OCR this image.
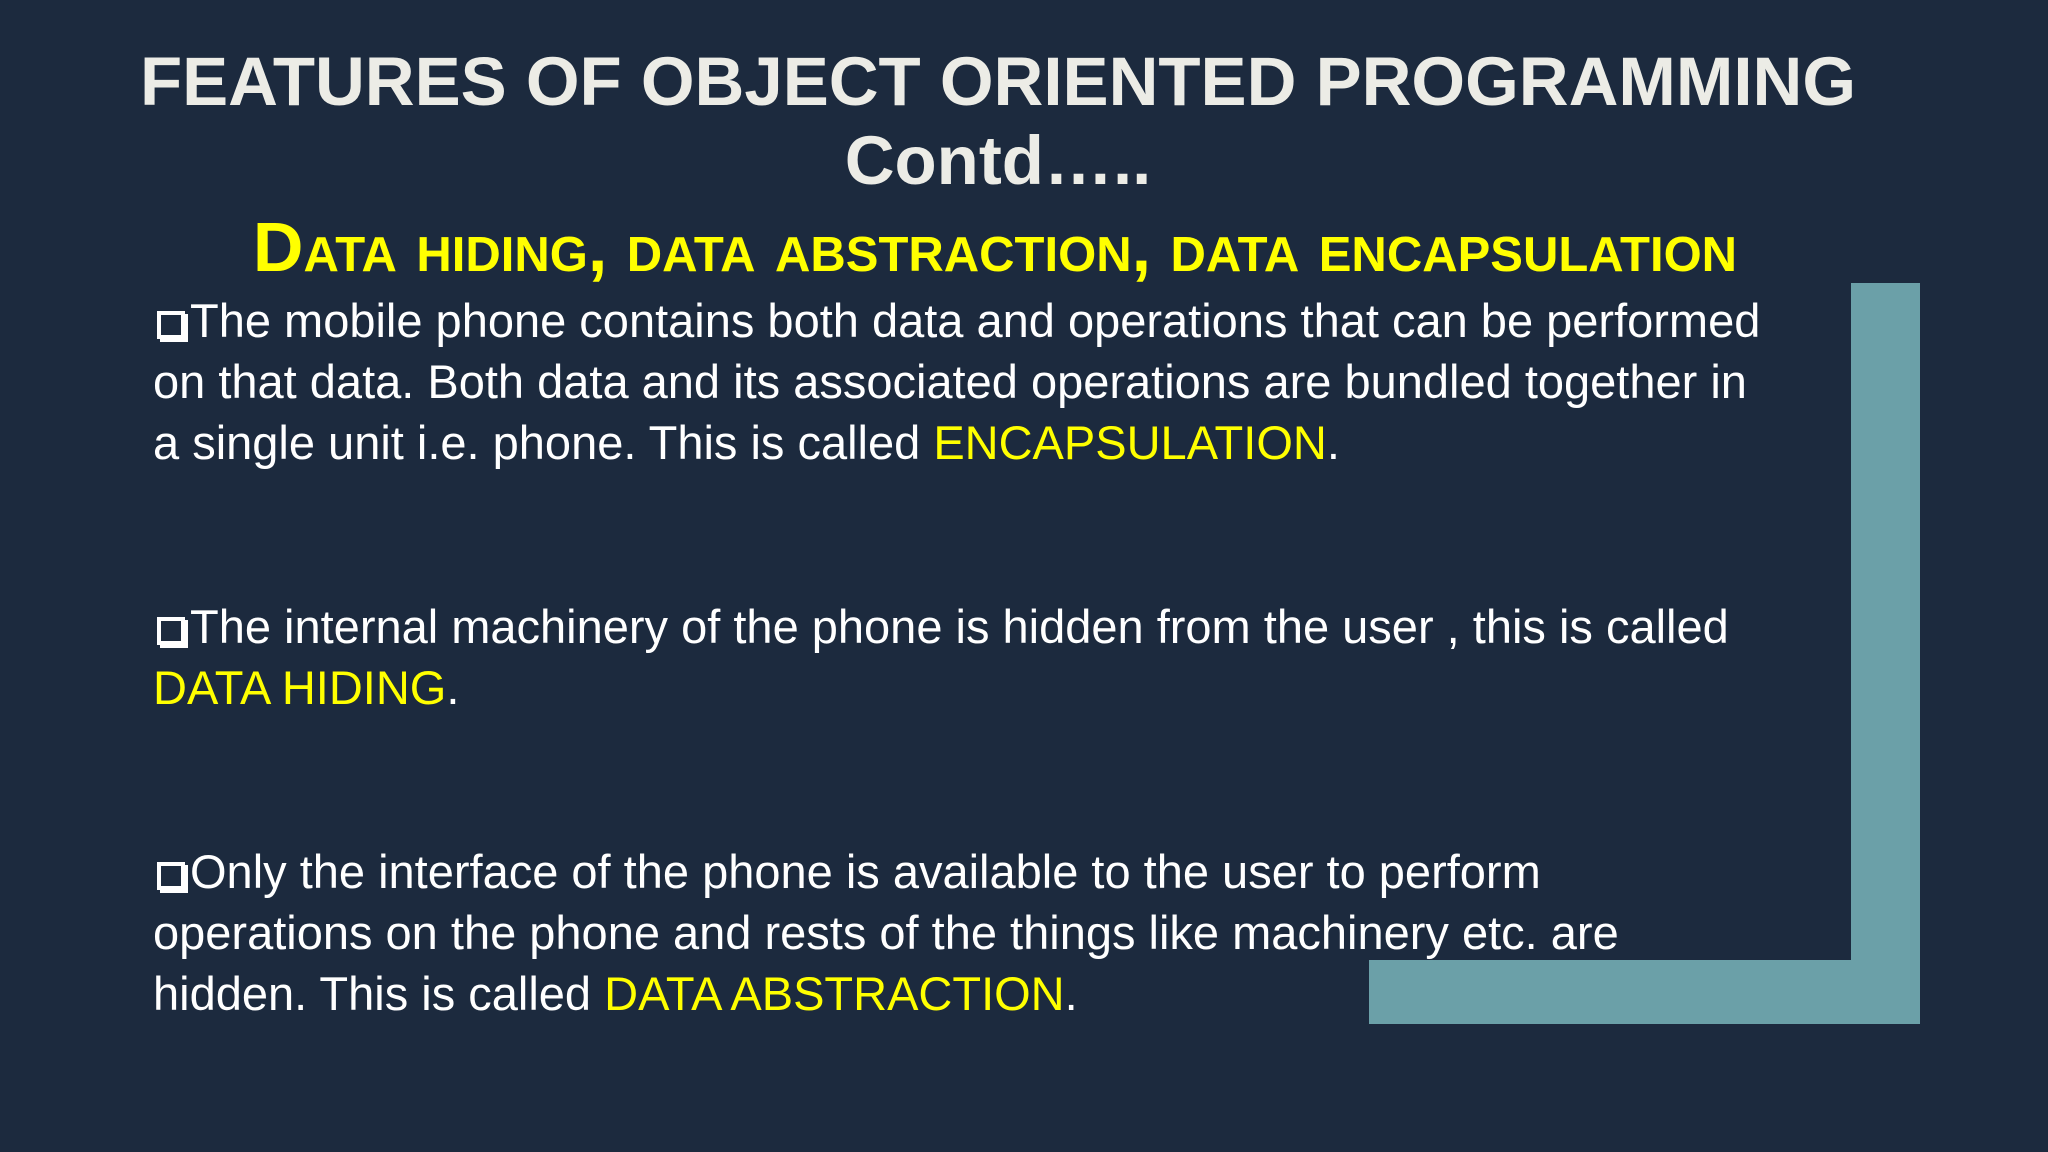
FEATURES OF OBJECT ORIENTED PROGRAMMING
Contd…..
Data hiding, data abstraction, data encapsulation

The mobile phone contains both data and operations that can be performed on that data. Both data and its associated operations are bundled together in a single unit i.e. phone. This is called ENCAPSULATION.

The internal machinery of the phone is hidden from the user , this is called DATA HIDING.

Only the interface of the phone is available to the user to perform operations on the phone and rests of the things like machinery etc. are hidden. This is called DATA ABSTRACTION.
